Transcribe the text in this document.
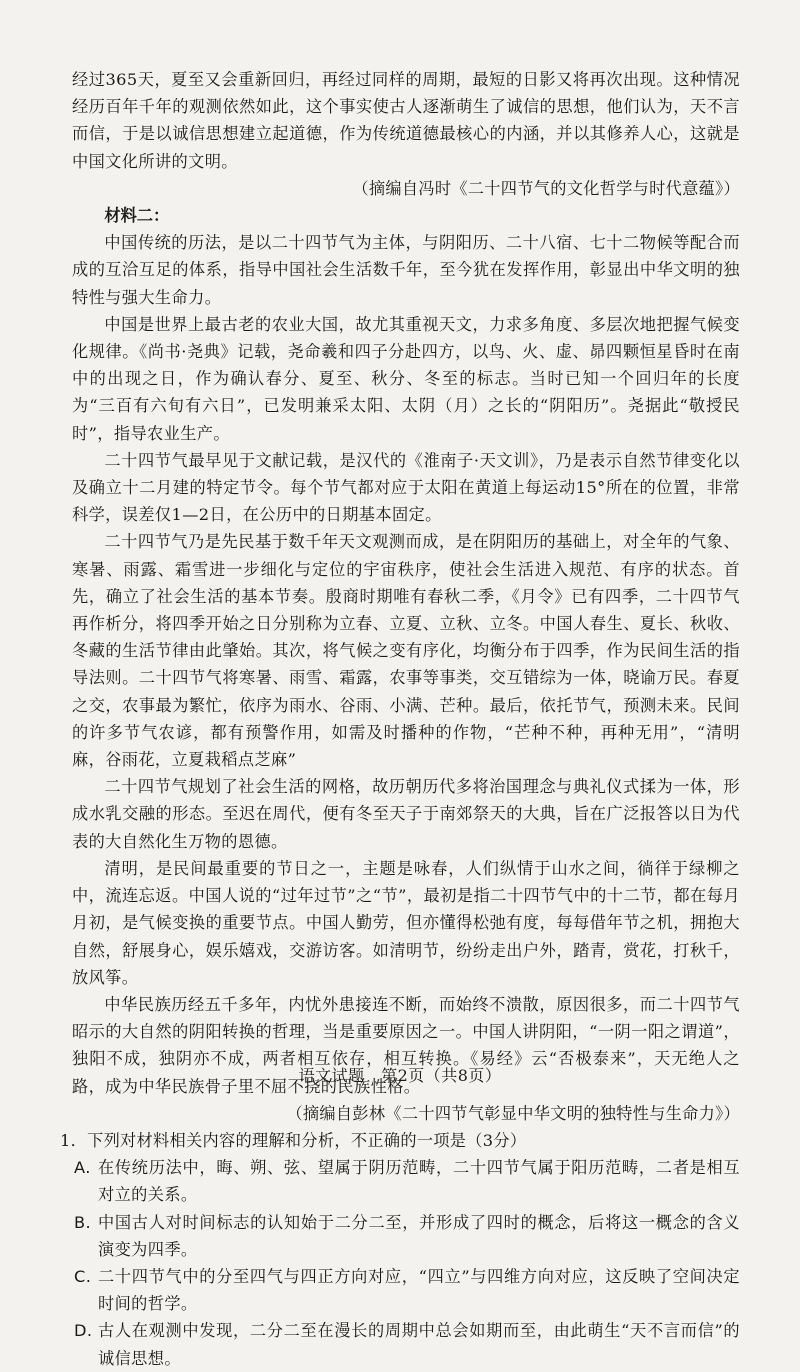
经过365天，夏至又会重新回归，再经过同样的周期，最短的日影又将再次出现。这种情况经历百年千年的观测依然如此，这个事实使古人逐渐萌生了诚信的思想，他们认为，天不言而信，于是以诚信思想建立起道德，作为传统道德最核心的内涵，并以其修养人心，这就是中国文化所讲的文明。

（摘编自冯时《二十四节气的文化哲学与时代意蕴》）

材料二：

中国传统的历法，是以二十四节气为主体，与阴阳历、二十八宿、七十二物候等配合而成的互洽互足的体系，指导中国社会生活数千年，至今犹在发挥作用，彰显出中华文明的独特性与强大生命力。

中国是世界上最古老的农业大国，故尤其重视天文，力求多角度、多层次地把握气候变化规律。《尚书·尧典》记载，尧命羲和四子分赴四方，以鸟、火、虚、昴四颗恒星昏时在南中的出现之日，作为确认春分、夏至、秋分、冬至的标志。当时已知一个回归年的长度为“三百有六旬有六日”，已发明兼采太阳、太阴（月）之长的“阴阳历”。尧据此“敬授民时”，指导农业生产。

二十四节气最早见于文献记载，是汉代的《淮南子·天文训》，乃是表示自然节律变化以及确立十二月建的特定节令。每个节气都对应于太阳在黄道上每运动15°所在的位置，非常科学，误差仅1—2日，在公历中的日期基本固定。

二十四节气乃是先民基于数千年天文观测而成，是在阴阳历的基础上，对全年的气象、寒暑、雨露、霜雪进一步细化与定位的宇宙秩序，使社会生活进入规范、有序的状态。首先，确立了社会生活的基本节奏。殷商时期唯有春秋二季，《月令》已有四季，二十四节气再作析分，将四季开始之日分别称为立春、立夏、立秋、立冬。中国人春生、夏长、秋收、冬藏的生活节律由此肇始。其次，将气候之变有序化，均衡分布于四季，作为民间生活的指导法则。二十四节气将寒暑、雨雪、霜露，农事等事类，交互错综为一体，晓谕万民。春夏之交，农事最为繁忙，依序为雨水、谷雨、小满、芒种。最后，依托节气，预测未来。民间的许多节气农谚，都有预警作用，如需及时播种的作物，“芒种不种，再种无用”，“清明麻，谷雨花，立夏栽稻点芝麻”

二十四节气规划了社会生活的网格，故历朝历代多将治国理念与典礼仪式揉为一体，形成水乳交融的形态。至迟在周代，便有冬至天子于南郊祭天的大典，旨在广泛报答以日为代表的大自然化生万物的恩德。

清明，是民间最重要的节日之一，主题是咏春，人们纵情于山水之间，徜徉于绿柳之中，流连忘返。中国人说的“过年过节”之“节”，最初是指二十四节气中的十二节，都在每月月初，是气候变换的重要节点。中国人勤劳，但亦懂得松弛有度，每每借年节之机，拥抱大自然，舒展身心，娱乐嬉戏，交游访客。如清明节，纷纷走出户外，踏青，赏花，打秋千，放风筝。

中华民族历经五千多年，内忧外患接连不断，而始终不溃散，原因很多，而二十四节气昭示的大自然的阴阳转换的哲理，当是重要原因之一。中国人讲阴阳，“一阴一阳之谓道”，独阳不成，独阴亦不成，两者相互依存，相互转换。《易经》云“否极泰来”，天无绝人之路，成为中华民族骨子里不屈不挠的民族性格。

（摘编自彭林《二十四节气彰显中华文明的独特性与生命力》）

1．下列对材料相关内容的理解和分析，不正确的一项是（3分）

A. 在传统历法中，晦、朔、弦、望属于阴历范畴，二十四节气属于阳历范畴，二者是相互对立的关系。
B. 中国古人对时间标志的认知始于二分二至，并形成了四时的概念，后将这一概念的含义演变为四季。
C. 二十四节气中的分至四气与四正方向对应，“四立”与四维方向对应，这反映了空间决定时间的哲学。
D. 古人在观测中发现，二分二至在漫长的周期中总会如期而至，由此萌生“天不言而信”的诚信思想。
语文试题　第2页（共8页）
